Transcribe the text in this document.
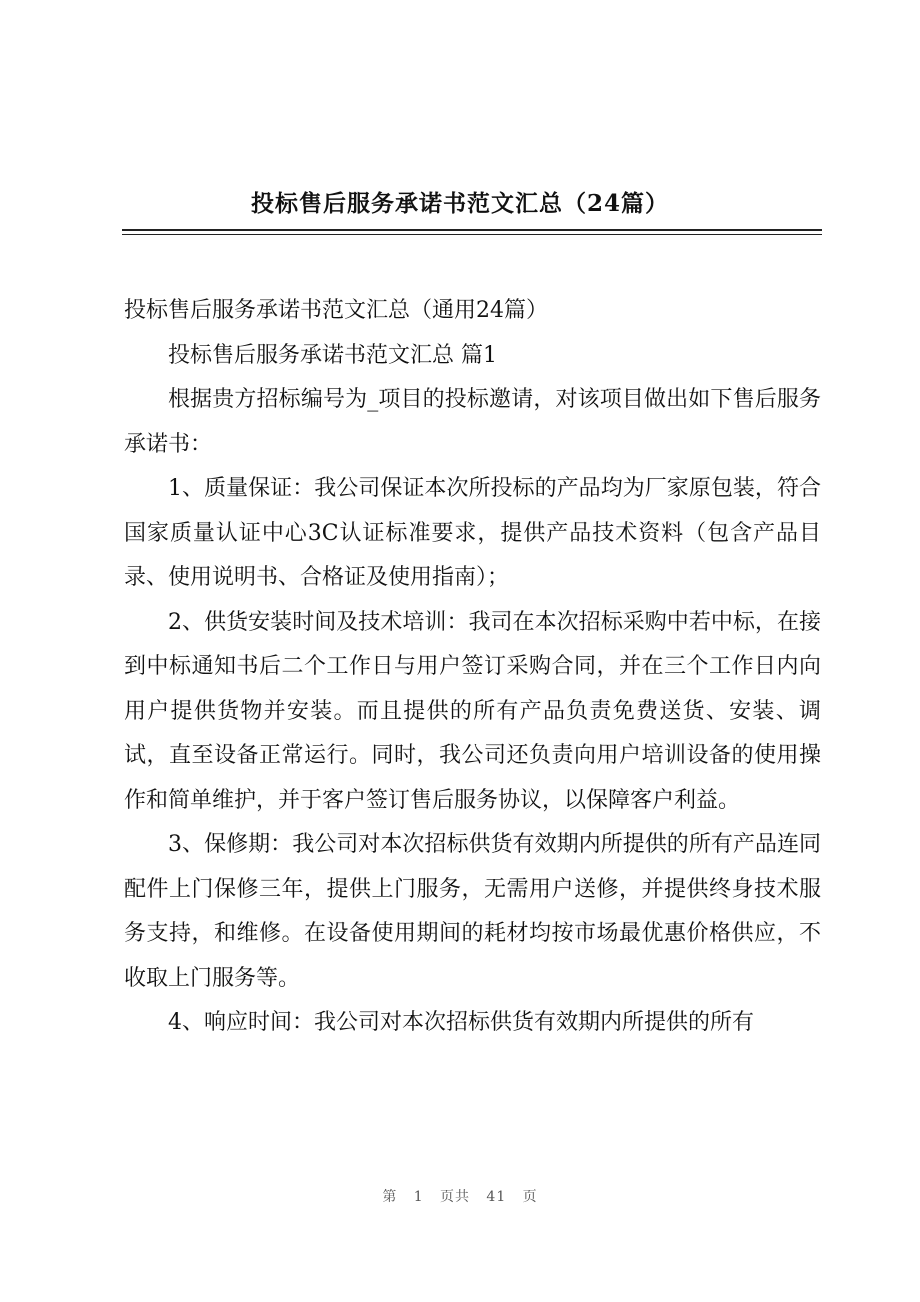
投标售后服务承诺书范文汇总（24篇）

投标售后服务承诺书范文汇总（通用24篇）

投标售后服务承诺书范文汇总 篇1

根据贵方招标编号为_项目的投标邀请，对该项目做出如下售后服务承诺书：

1、质量保证：我公司保证本次所投标的产品均为厂家原包装，符合国家质量认证中心3C认证标准要求，提供产品技术资料（包含产品目录、使用说明书、合格证及使用指南）；

2、供货安装时间及技术培训：我司在本次招标采购中若中标，在接到中标通知书后二个工作日与用户签订采购合同，并在三个工作日内向用户提供货物并安装。而且提供的所有产品负责免费送货、安装、调试，直至设备正常运行。同时，我公司还负责向用户培训设备的使用操作和简单维护，并于客户签订售后服务协议，以保障客户利益。

3、保修期：我公司对本次招标供货有效期内所提供的所有产品连同配件上门保修三年，提供上门服务，无需用户送修，并提供终身技术服务支持，和维修。在设备使用期间的耗材均按市场最优惠价格供应，不收取上门服务等。

4、响应时间：我公司对本次招标供货有效期内所提供的所有

第 1 页共 41 页
